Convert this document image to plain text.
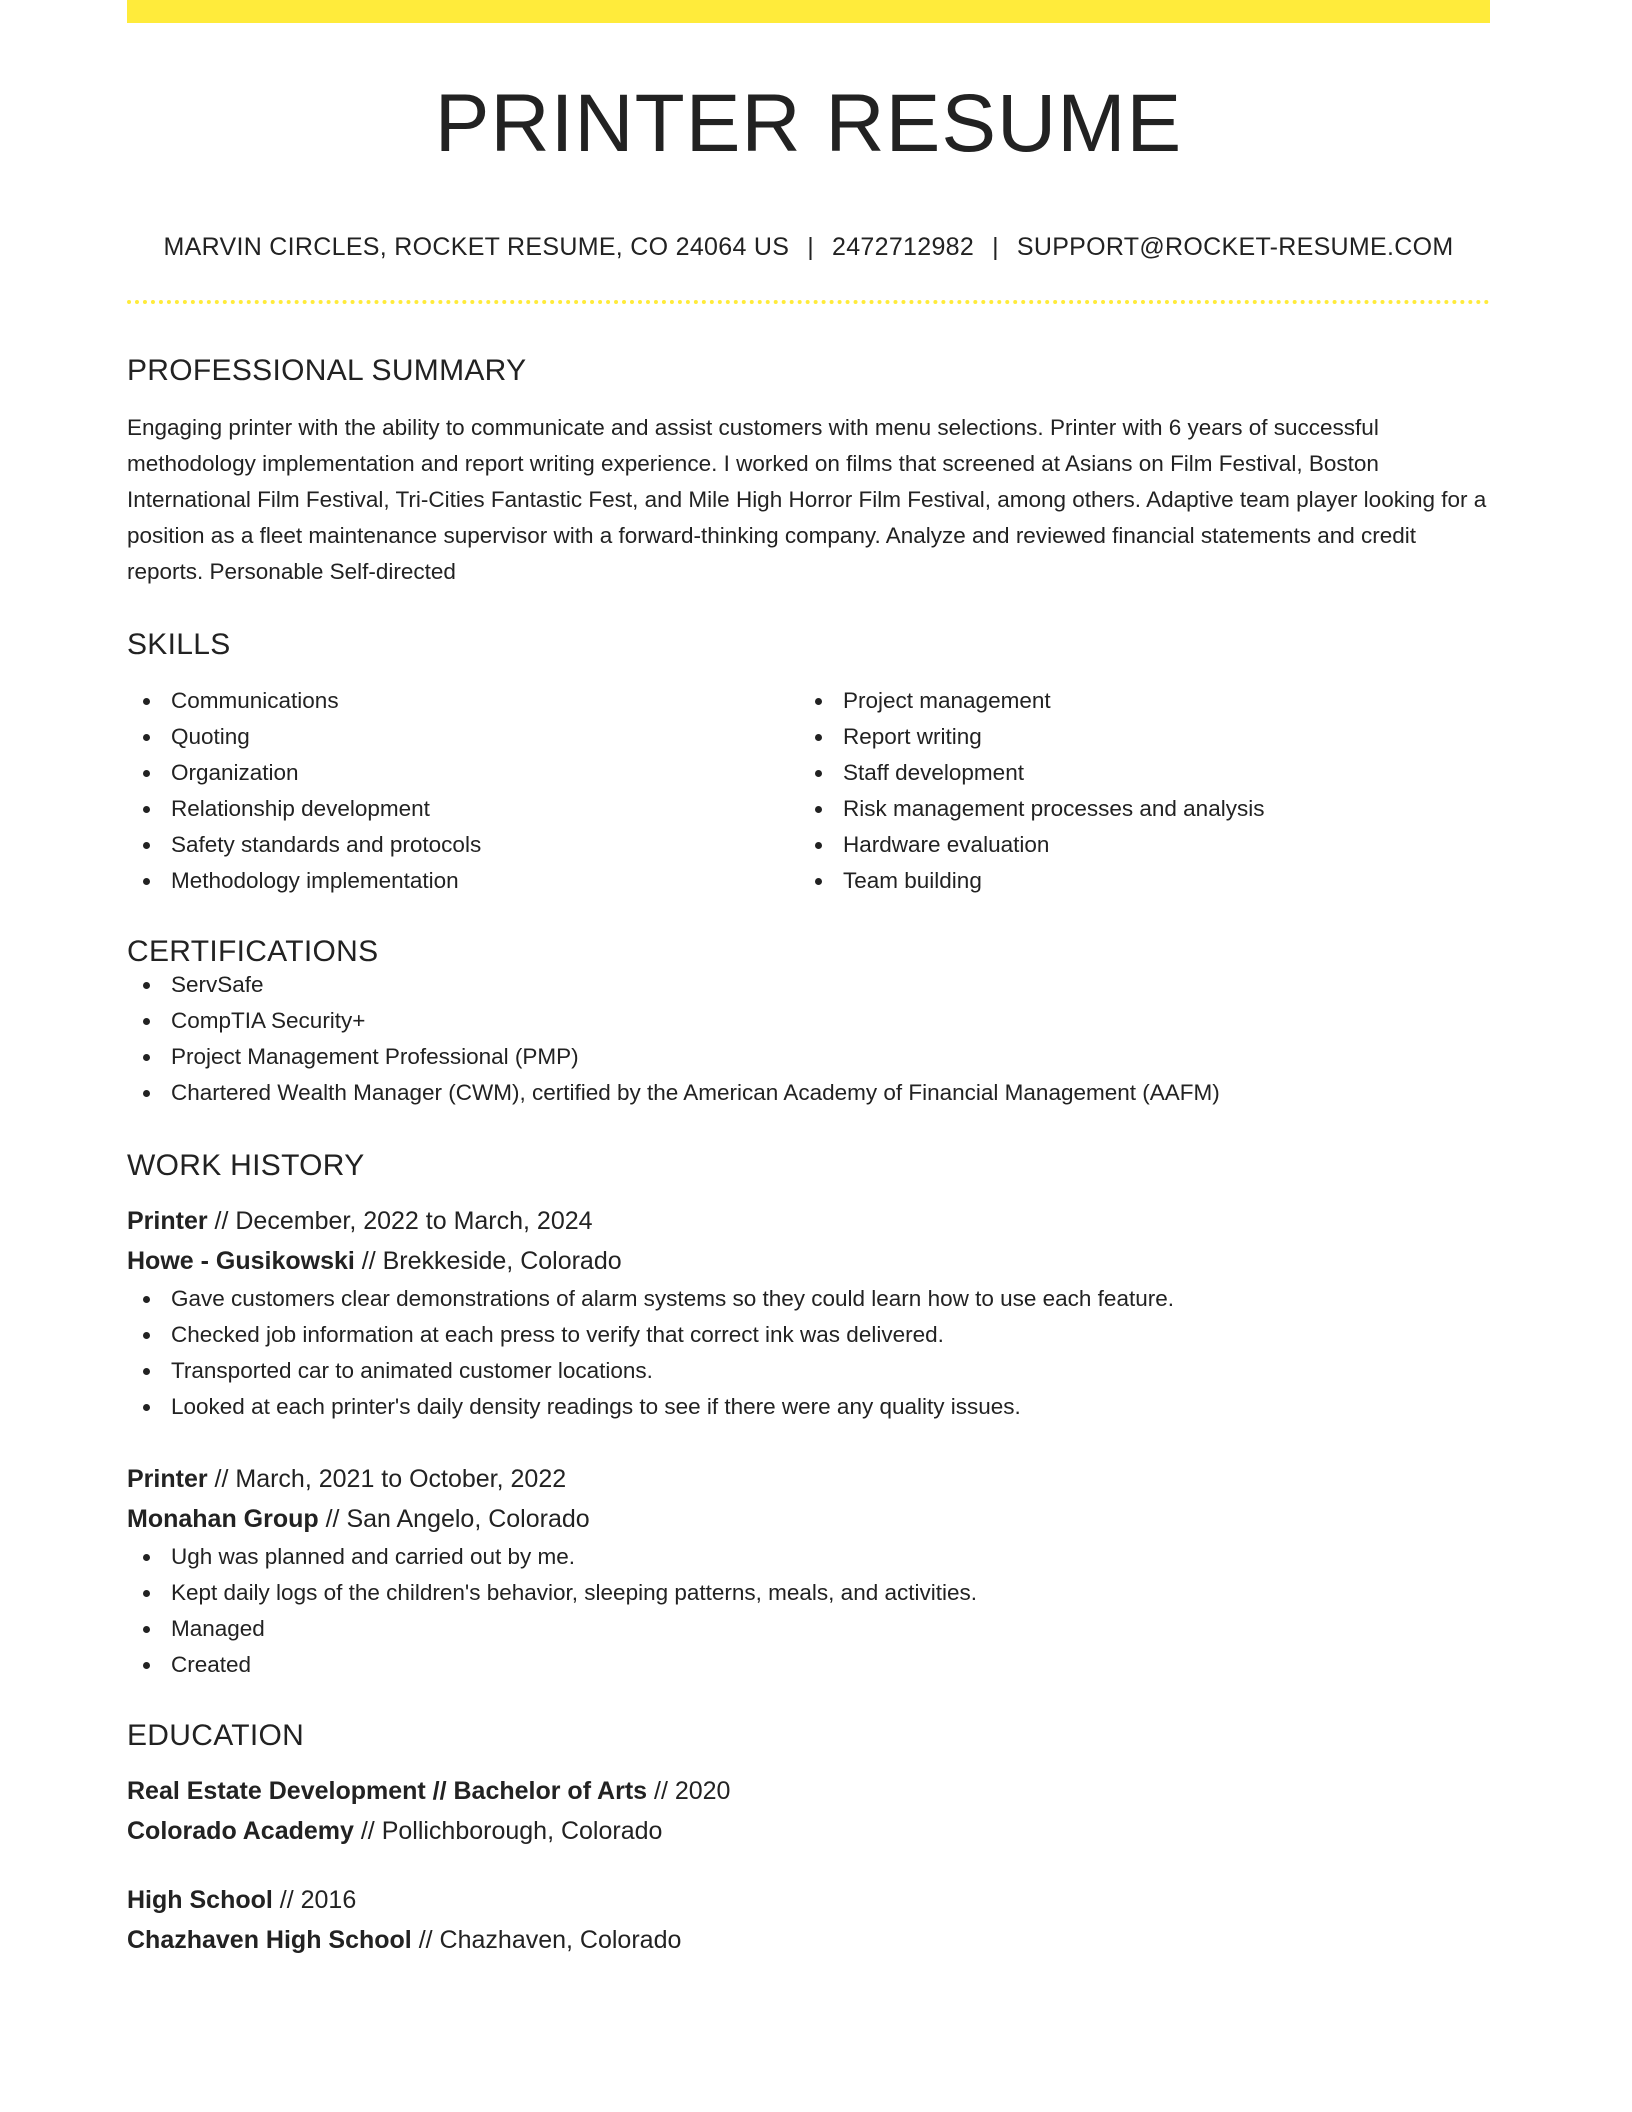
PRINTER RESUME
MARVIN CIRCLES, ROCKET RESUME, CO 24064 US | 2472712982 | SUPPORT@ROCKET-RESUME.COM
PROFESSIONAL SUMMARY

Engaging printer with the ability to communicate and assist customers with menu selections. Printer with 6 years of successful methodology implementation and report writing experience. I worked on films that screened at Asians on Film Festival, Boston International Film Festival, Tri-Cities Fantastic Fest, and Mile High Horror Film Festival, among others. Adaptive team player looking for a position as a fleet maintenance supervisor with a forward-thinking company. Analyze and reviewed financial statements and credit reports. Personable Self-directed

SKILLS
Communications
Quoting
Organization
Relationship development
Safety standards and protocols
Methodology implementation
Project management
Report writing
Staff development
Risk management processes and analysis
Hardware evaluation
Team building
CERTIFICATIONS
ServSafe
CompTIA Security+
Project Management Professional (PMP)
Chartered Wealth Manager (CWM), certified by the American Academy of Financial Management (AAFM)
WORK HISTORY
Printer // December, 2022 to March, 2024
Howe - Gusikowski // Brekkeside, Colorado
Gave customers clear demonstrations of alarm systems so they could learn how to use each feature.
Checked job information at each press to verify that correct ink was delivered.
Transported car to animated customer locations.
Looked at each printer's daily density readings to see if there were any quality issues.
Printer // March, 2021 to October, 2022
Monahan Group // San Angelo, Colorado
Ugh was planned and carried out by me.
Kept daily logs of the children's behavior, sleeping patterns, meals, and activities.
Managed
Created
EDUCATION
Real Estate Development // Bachelor of Arts // 2020
Colorado Academy // Pollichborough, Colorado
High School // 2016
Chazhaven High School // Chazhaven, Colorado
